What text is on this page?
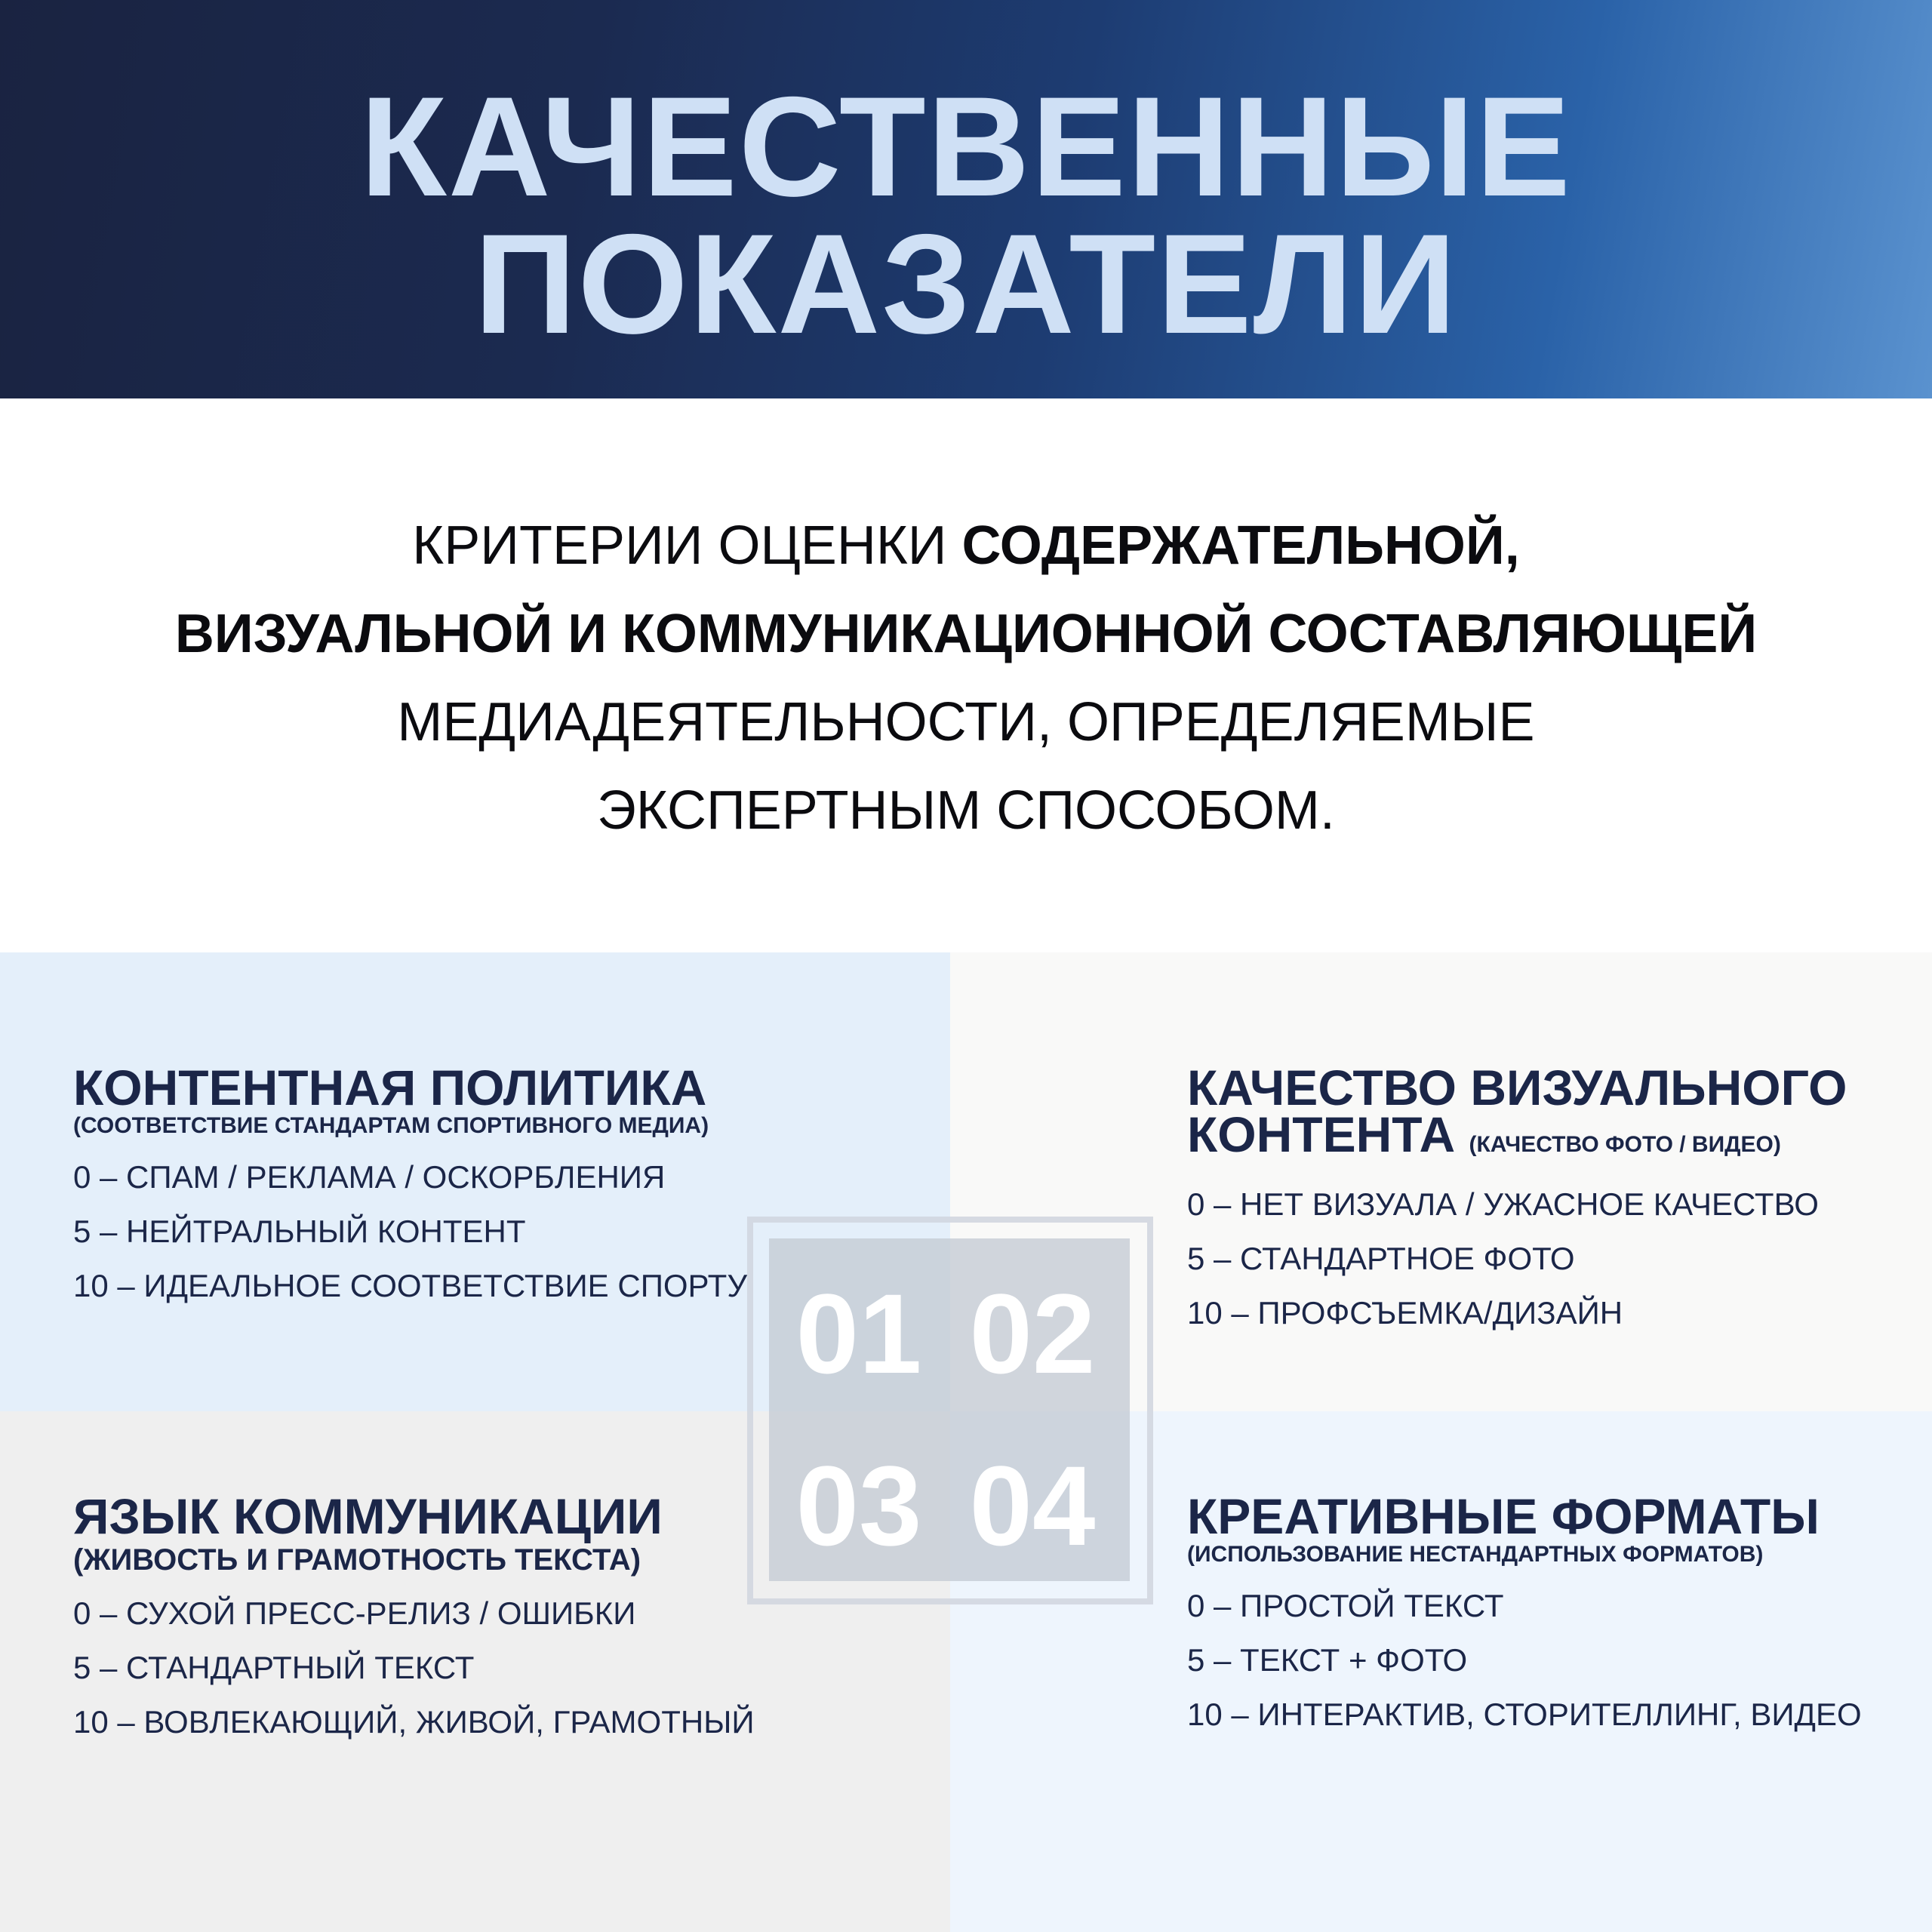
КАЧЕСТВЕННЫЕ
ПОКАЗАТЕЛИ
КРИТЕРИИ ОЦЕНКИ СОДЕРЖАТЕЛЬНОЙ,
ВИЗУАЛЬНОЙ И КОММУНИКАЦИОННОЙ СОСТАВЛЯЮЩЕЙ
МЕДИАДЕЯТЕЛЬНОСТИ, ОПРЕДЕЛЯЕМЫЕ
ЭКСПЕРТНЫМ СПОСОБОМ.
КОНТЕНТНАЯ ПОЛИТИКА
(СООТВЕТСТВИЕ СТАНДАРТАМ СПОРТИВНОГО МЕДИА)
0 – СПАМ / РЕКЛАМА / ОСКОРБЛЕНИЯ
5 – НЕЙТРАЛЬНЫЙ КОНТЕНТ
10 – ИДЕАЛЬНОЕ СООТВЕТСТВИЕ СПОРТУ
КАЧЕСТВО ВИЗУАЛЬНОГО
КОНТЕНТА (КАЧЕСТВО ФОТО / ВИДЕО)
0 – НЕТ ВИЗУАЛА / УЖАСНОЕ КАЧЕСТВО
5 – СТАНДАРТНОЕ ФОТО
10 – ПРОФСЪЕМКА/ДИЗАЙН
ЯЗЫК КОММУНИКАЦИИ
(ЖИВОСТЬ И ГРАМОТНОСТЬ ТЕКСТА)
0 – СУХОЙ ПРЕСС-РЕЛИЗ / ОШИБКИ
5 – СТАНДАРТНЫЙ ТЕКСТ
10 – ВОВЛЕКАЮЩИЙ, ЖИВОЙ, ГРАМОТНЫЙ
КРЕАТИВНЫЕ ФОРМАТЫ
(ИСПОЛЬЗОВАНИЕ НЕСТАНДАРТНЫХ ФОРМАТОВ)
0 – ПРОСТОЙ ТЕКСТ
5 – ТЕКСТ + ФОТО
10 – ИНТЕРАКТИВ, СТОРИТЕЛЛИНГ, ВИДЕО
01 02
03 04
